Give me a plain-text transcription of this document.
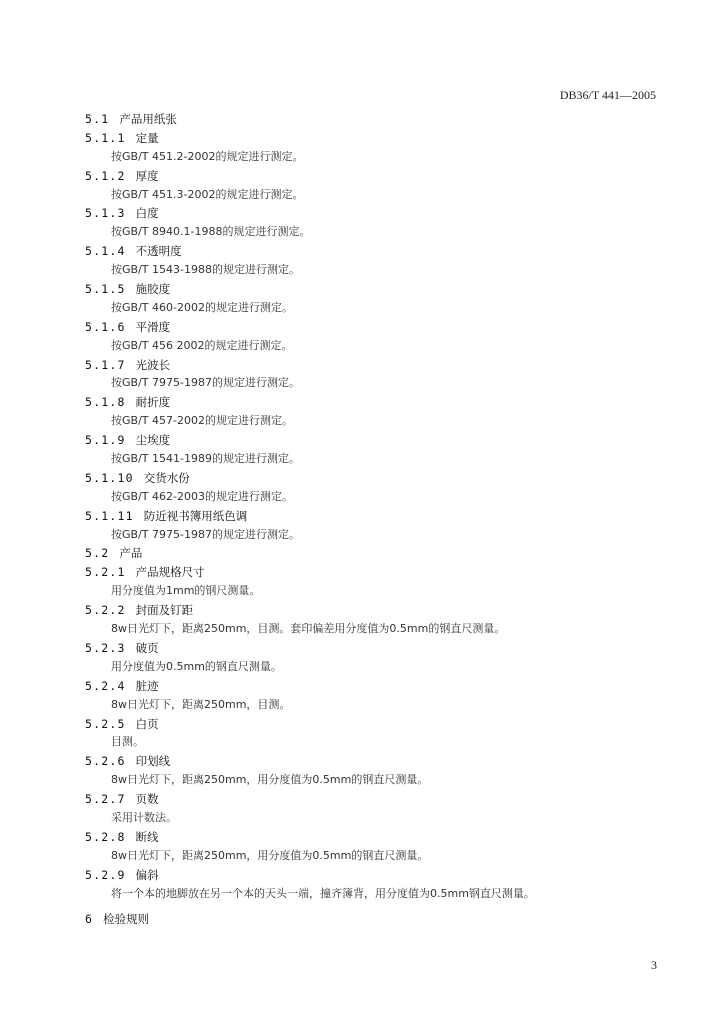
DB36/T 441—2005
5.1 产品用纸张
5.1.1 定量
按GB/T 451.2-2002的规定进行测定。
5.1.2 厚度
按GB/T 451.3-2002的规定进行测定。
5.1.3 白度
按GB/T 8940.1-1988的规定进行测定。
5.1.4 不透明度
按GB/T 1543-1988的规定进行测定。
5.1.5 施胶度
按GB/T 460-2002的规定进行测定。
5.1.6 平滑度
按GB/T 456 2002的规定进行测定。
5.1.7 光波长
按GB/T 7975-1987的规定进行测定。
5.1.8 耐折度
按GB/T 457-2002的规定进行测定。
5.1.9 尘埃度
按GB/T 1541-1989的规定进行测定。
5.1.10 交货水份
按GB/T 462-2003的规定进行测定。
5.1.11 防近视书簿用纸色调
按GB/T 7975-1987的规定进行测定。
5.2 产品
5.2.1 产品规格尺寸
用分度值为1mm的钢尺测量。
5.2.2 封面及钉距
8w日光灯下，距离250mm，目测。套印偏差用分度值为0.5mm的钢直尺测量。
5.2.3 破页
用分度值为0.5mm的钢直尺测量。
5.2.4 脏迹
8w日光灯下，距离250mm，目测。
5.2.5 白页
目测。
5.2.6 印划线
8w日光灯下，距离250mm，用分度值为0.5mm的钢直尺测量。
5.2.7 页数
采用计数法。
5.2.8 断线
8w日光灯下，距离250mm，用分度值为0.5mm的钢直尺测量。
5.2.9 偏斜
将一个本的地脚放在另一个本的天头一端，撞齐簿背，用分度值为0.5mm钢直尺测量。
6 检验规则
3
